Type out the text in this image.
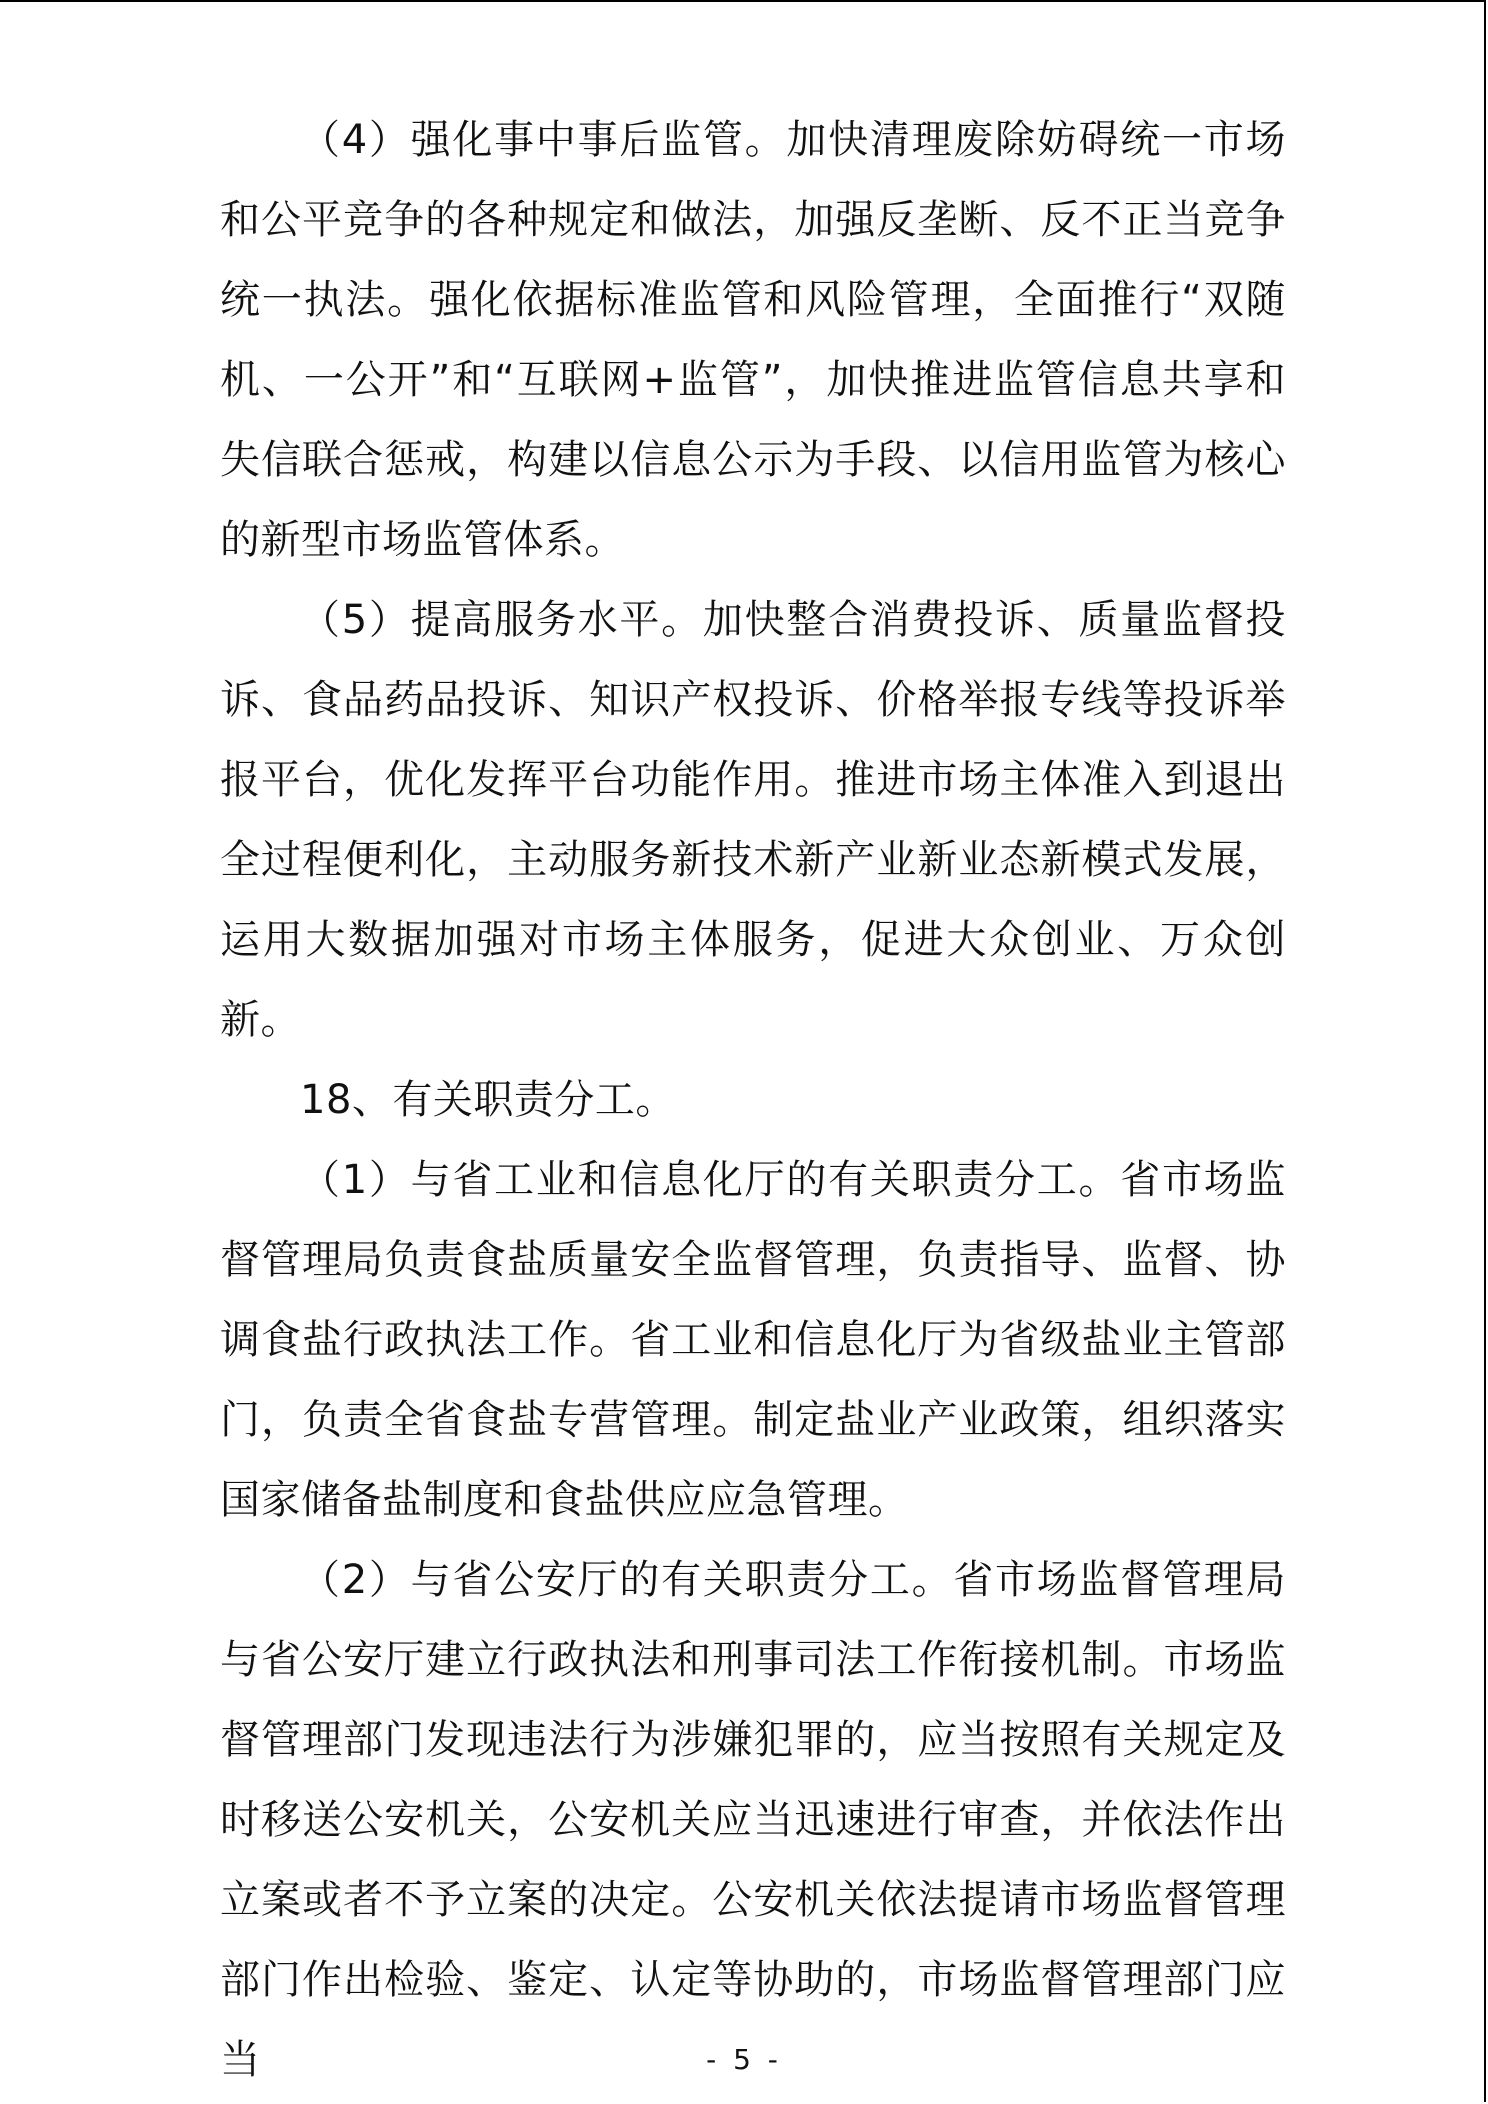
（4）强化事中事后监管。加快清理废除妨碍统一市场和公平竞争的各种规定和做法，加强反垄断、反不正当竞争统一执法。强化依据标准监管和风险管理，全面推行“双随机、一公开”和“互联网+监管”，加快推进监管信息共享和失信联合惩戒，构建以信息公示为手段、以信用监管为核心的新型市场监管体系。

（5）提高服务水平。加快整合消费投诉、质量监督投诉、食品药品投诉、知识产权投诉、价格举报专线等投诉举报平台，优化发挥平台功能作用。推进市场主体准入到退出全过程便利化，主动服务新技术新产业新业态新模式发展，运用大数据加强对市场主体服务，促进大众创业、万众创新。

18、有关职责分工。

（1）与省工业和信息化厅的有关职责分工。省市场监督管理局负责食盐质量安全监督管理，负责指导、监督、协调食盐行政执法工作。省工业和信息化厅为省级盐业主管部门，负责全省食盐专营管理。制定盐业产业政策，组织落实国家储备盐制度和食盐供应应急管理。

（2）与省公安厅的有关职责分工。省市场监督管理局与省公安厅建立行政执法和刑事司法工作衔接机制。市场监督管理部门发现违法行为涉嫌犯罪的，应当按照有关规定及时移送公安机关，公安机关应当迅速进行审查，并依法作出立案或者不予立案的决定。公安机关依法提请市场监督管理部门作出检验、鉴定、认定等协助的，市场监督管理部门应当	- 5 -
